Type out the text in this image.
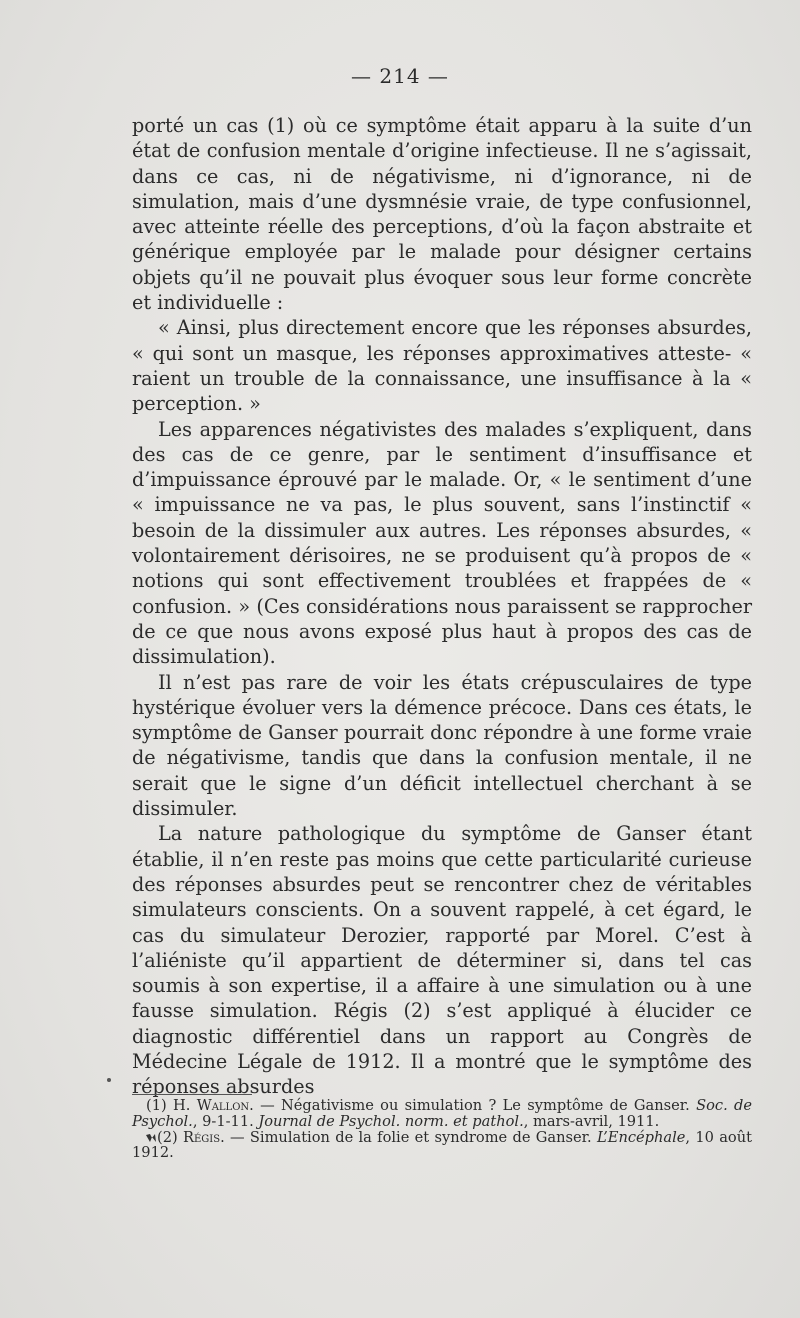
— 214 —

porté un cas (1) où ce symptôme était apparu à la suite d’un état de confusion mentale d’origine infectieuse. Il ne s’agissait, dans ce cas, ni de négativisme, ni d’ignorance, ni de simulation, mais d’une dysmnésie vraie, de type confusionnel, avec atteinte réelle des perceptions, d’où la façon abstraite et générique employée par le malade pour désigner certains objets qu’il ne pouvait plus évoquer sous leur forme concrète et individuelle :

« Ainsi, plus directement encore que les réponses absurdes, « qui sont un masque, les réponses approximatives atteste- « raient un trouble de la connaissance, une insuffisance à la « perception. »

Les apparences négativistes des malades s’expliquent, dans des cas de ce genre, par le sentiment d’insuffisance et d’impuissance éprouvé par le malade. Or, « le sentiment d’une « impuissance ne va pas, le plus souvent, sans l’instinctif « besoin de la dissimuler aux autres. Les réponses absurdes, « volontairement dérisoires, ne se produisent qu’à propos de « notions qui sont effectivement troublées et frappées de « confusion. » (Ces considérations nous paraissent se rapprocher de ce que nous avons exposé plus haut à propos des cas de dissimulation).

Il n’est pas rare de voir les états crépusculaires de type hystérique évoluer vers la démence précoce. Dans ces états, le symptôme de Ganser pourrait donc répondre à une forme vraie de négativisme, tandis que dans la confusion mentale, il ne serait que le signe d’un déficit intellectuel cherchant à se dissimuler.

La nature pathologique du symptôme de Ganser étant établie, il n’en reste pas moins que cette particularité curieuse des réponses absurdes peut se rencontrer chez de véritables simulateurs conscients. On a souvent rappelé, à cet égard, le cas du simulateur Derozier, rapporté par Morel. C’est à l’aliéniste qu’il appartient de déterminer si, dans tel cas soumis à son expertise, il a affaire à une simulation ou à une fausse simulation. Régis (2) s’est appliqué à élucider ce diagnostic différentiel dans un rapport au Congrès de Médecine Légale de 1912. Il a montré que le symptôme des réponses absurdes

(1) H. Wallon. — Négativisme ou simulation ? Le symptôme de Ganser. Soc. de Psychol., 9-1-11. Journal de Psychol. norm. et pathol., mars-avril, 1911.

(2) Régis. — Simulation de la folie et syndrome de Ganser. L’Encéphale, 10 août 1912.
